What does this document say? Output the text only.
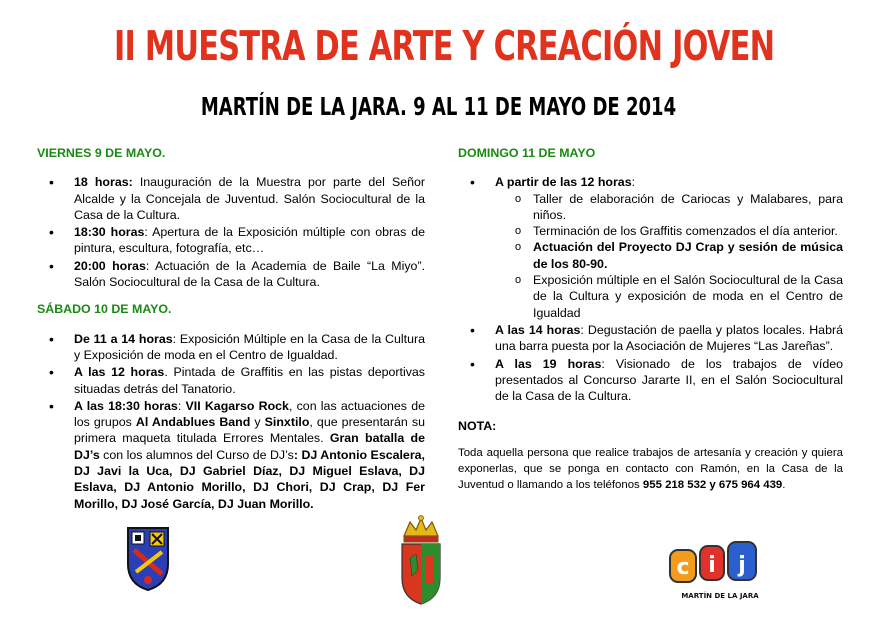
II MUESTRA DE ARTE Y CREACIÓN JOVEN
MARTÍN DE LA JARA. 9 AL 11 DE MAYO DE 2014
VIERNES 9 DE MAYO.
• 18 horas: Inauguración de la Muestra por parte del Señor Alcalde y la Concejala de Juventud. Salón Sociocultural de la Casa de la Cultura.
• 18:30 horas: Apertura de la Exposición múltiple con obras de pintura, escultura, fotografía, etc…
• 20:00 horas: Actuación de la Academia de Baile “La Miyo”. Salón Sociocultural de la Casa de la Cultura.
SÁBADO 10 DE MAYO.
• De 11 a 14 horas: Exposición Múltiple en la Casa de la Cultura y Exposición de moda en el Centro de Igualdad.
• A las 12 horas. Pintada de Graffitis en las pistas deportivas situadas detrás del Tanatorio.
• A las 18:30 horas: VII Kagarso Rock, con las actuaciones de los grupos Al Andablues Band y Sinxtilo, que presentarán su primera maqueta titulada Errores Mentales. Gran batalla de DJ’s con los alumnos del Curso de DJ’s: DJ Antonio Escalera, DJ Javi la Uca, DJ Gabriel Díaz, DJ Miguel Eslava, DJ Eslava, DJ Antonio Morillo, DJ Chori, DJ Crap, DJ Fer Morillo, DJ José García, DJ Juan Morillo.
DOMINGO 11 DE MAYO
• A partir de las 12 horas:
o Taller de elaboración de Cariocas y Malabares, para niños.
o Terminación de los Graffitis comenzados el día anterior.
o Actuación del Proyecto DJ Crap y sesión de música de los 80-90.
o Exposición múltiple en el Salón Sociocultural de la Casa de la Cultura y exposición de moda en el Centro de Igualdad
• A las 14 horas: Degustación de paella y platos locales. Habrá una barra puesta por la Asociación de Mujeres “Las Jareñas”.
• A las 19 horas: Visionado de los trabajos de vídeo presentados al Concurso Jararte II, en el Salón Sociocultural de la Casa de la Cultura.
NOTA:
Toda aquella persona que realice trabajos de artesanía y creación y quiera exponerlas, que se ponga en contacto con Ramón, en la Casa de la Juventud o llamando a los teléfonos 955 218 532 y 675 964 439.
c i j
MARTÍN DE LA JARA
